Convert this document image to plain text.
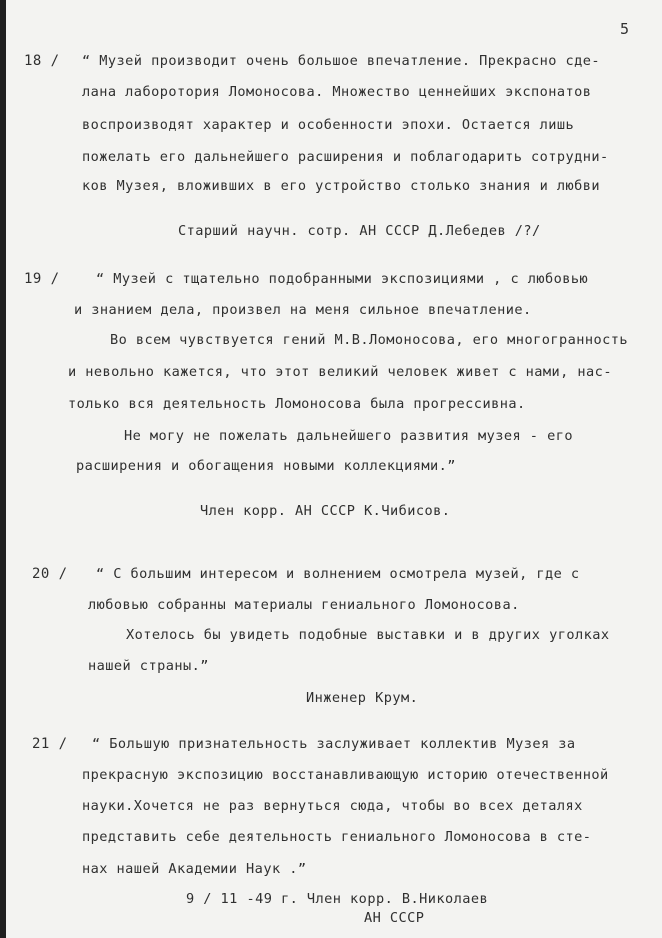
5
18 / “ Музей производит очень большое впечатление. Прекрасно сде-
лана лаборотория Ломоносова. Множество ценнейших экспонатов
воспроизводят характер и особенности эпохи. Остается лишь
пожелать его дальнейшего расширения и поблагодарить сотрудни-
ков Музея, вложивших в его устройство столько знания и любви
Старший научн. сотр. АН СССР Д.Лебедев /?/
19 /	“ Музей с тщательно подобранными экспозициями , с любовью
и знанием дела, произвел на меня сильное впечатление.
Во всем чувствуется гений М.В.Ломоносова, его многогранность
и невольно кажется, что этот великий человек живет с нами, нас-
только вся деятельность Ломоносова была прогрессивна.
Не могу не пожелать дальнейшего развития музея - его
расширения и обогащения новыми коллекциями.”
Член корр. АН СССР К.Чибисов.
20 / “ С большим интересом и волнением осмотрела музей, где с
любовью собранны материалы гениального Ломоносова.
Хотелось бы увидеть подобные выставки и в других уголках
нашей страны.”
Инженер Крум.
21 / “ Большую признательность заслуживает коллектив Музея за
прекрасную экспозицию восстанавливающую историю отечественной
науки.Хочется не раз вернуться сюда, чтобы во всех деталях
представить себе деятельность гениального Ломоносова в сте-
нах нашей Академии Наук .”
9 / 11 -49 г. Член корр. В.Николаев
АН СССР
